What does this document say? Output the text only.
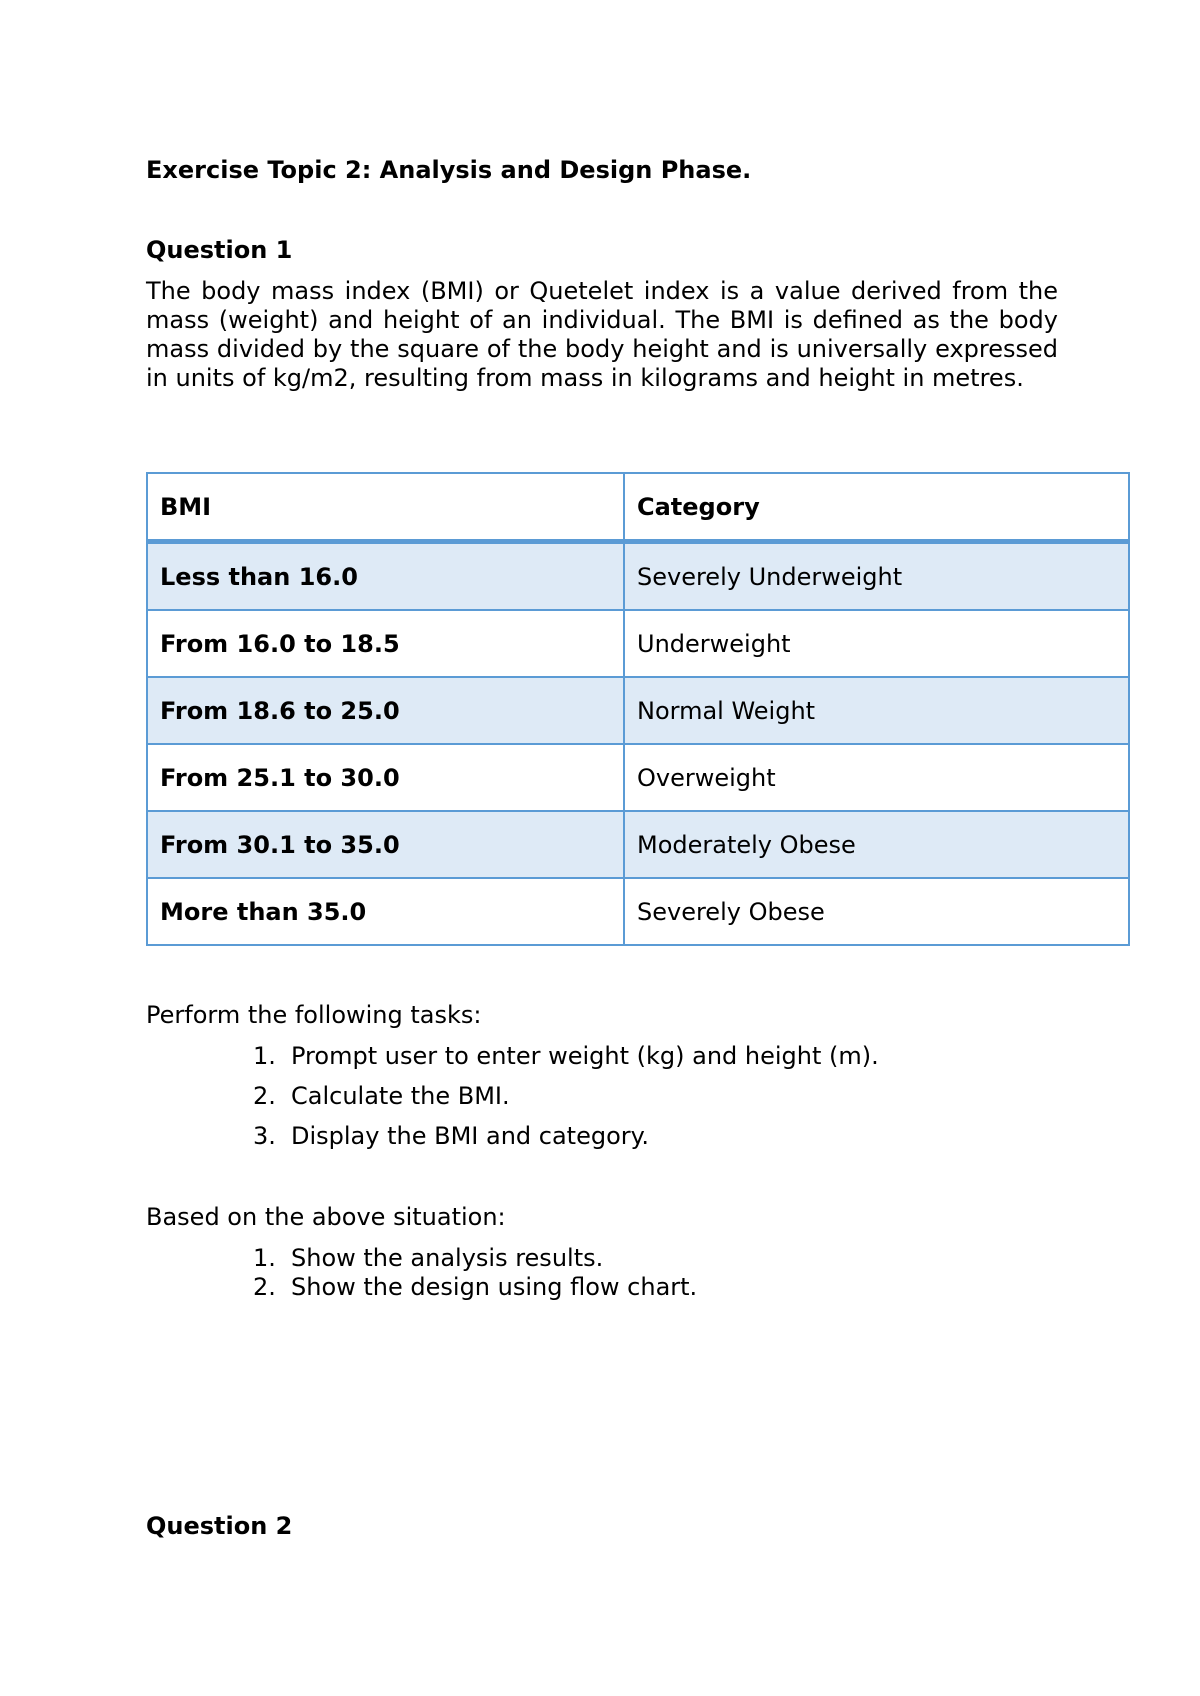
Exercise Topic 2: Analysis and Design Phase.
Question 1
The body mass index (BMI) or Quetelet index is a value derived from the mass (weight) and height of an individual. The BMI is defined as the body mass divided by the square of the body height and is universally expressed in units of kg/m2, resulting from mass in kilograms and height in metres.
BMI	Category
Less than 16.0	Severely Underweight
From 16.0 to 18.5	Underweight
From 18.6 to 25.0	Normal Weight
From 25.1 to 30.0	Overweight
From 30.1 to 35.0	Moderately Obese
More than 35.0	Severely Obese
Perform the following tasks:
1. Prompt user to enter weight (kg) and height (m).
2. Calculate the BMI.
3. Display the BMI and category.
Based on the above situation:
1. Show the analysis results.
2. Show the design using flow chart.
Question 2
